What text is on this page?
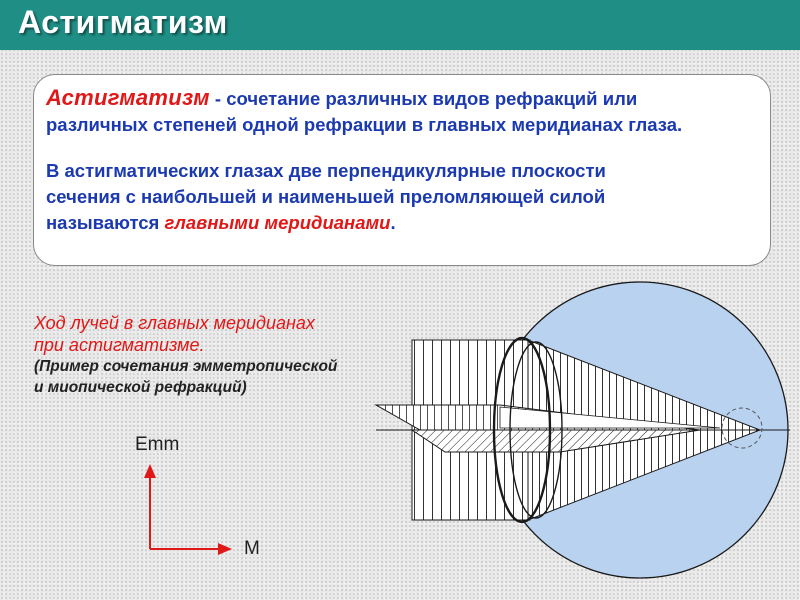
Астигматизм

Астигматизм - сочетание различных видов рефракций или
различных степеней одной рефракции в главных меридианах глаза.

В астигматических глазах две перпендикулярные плоскости
сечения с наибольшей и наименьшей преломляющей силой
называются главными меридианами.

Ход лучей в главных меридианах
при астигматизме.
(Пример сочетания эмметропической
и миопической рефракций)
Emm
M
